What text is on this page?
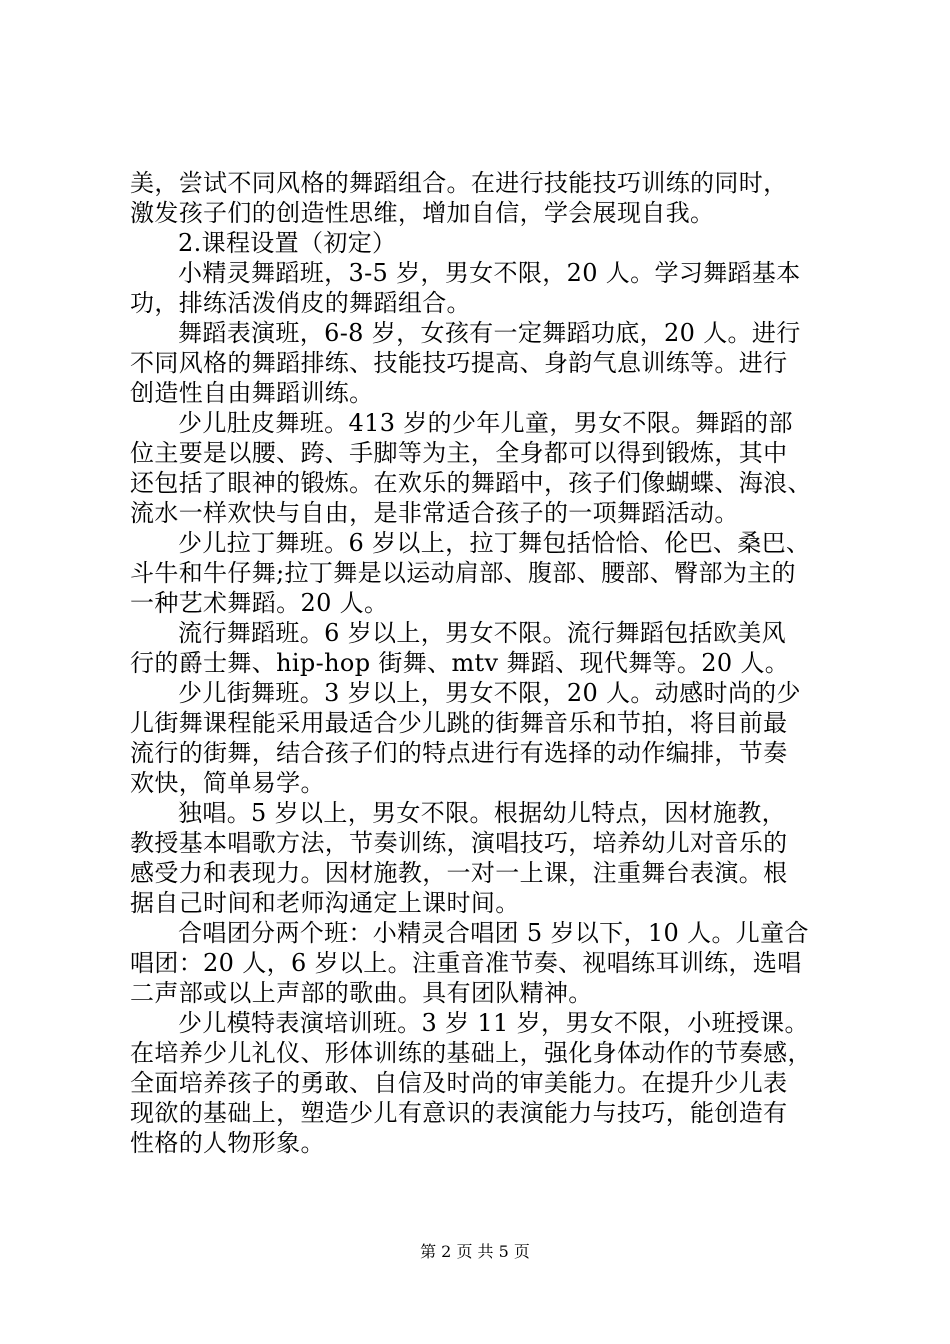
美，尝试不同风格的舞蹈组合。在进行技能技巧训练的同时，
激发孩子们的创造性思维，增加自信，学会展现自我。
2.课程设置（初定）
小精灵舞蹈班，3-5 岁，男女不限，20 人。学习舞蹈基本
功，排练活泼俏皮的舞蹈组合。
舞蹈表演班，6-8 岁，女孩有一定舞蹈功底，20 人。进行
不同风格的舞蹈排练、技能技巧提高、身韵气息训练等。进行
创造性自由舞蹈训练。
少儿肚皮舞班。413 岁的少年儿童，男女不限。舞蹈的部
位主要是以腰、跨、手脚等为主，全身都可以得到锻炼，其中
还包括了眼神的锻炼。在欢乐的舞蹈中，孩子们像蝴蝶、海浪、
流水一样欢快与自由，是非常适合孩子的一项舞蹈活动。
少儿拉丁舞班。6 岁以上，拉丁舞包括恰恰、伦巴、桑巴、
斗牛和牛仔舞;拉丁舞是以运动肩部、腹部、腰部、臀部为主的
一种艺术舞蹈。20 人。
流行舞蹈班。6 岁以上，男女不限。流行舞蹈包括欧美风
行的爵士舞、hip-hop 街舞、mtv 舞蹈、现代舞等。20 人。
少儿街舞班。3 岁以上，男女不限，20 人。动感时尚的少
儿街舞课程能采用最适合少儿跳的街舞音乐和节拍，将目前最
流行的街舞，结合孩子们的特点进行有选择的动作编排，节奏
欢快，简单易学。
独唱。5 岁以上，男女不限。根据幼儿特点，因材施教，
教授基本唱歌方法，节奏训练，演唱技巧，培养幼儿对音乐的
感受力和表现力。因材施教，一对一上课，注重舞台表演。根
据自己时间和老师沟通定上课时间。
合唱团分两个班：小精灵合唱团 5 岁以下，10 人。儿童合
唱团：20 人，6 岁以上。注重音准节奏、视唱练耳训练，选唱
二声部或以上声部的歌曲。具有团队精神。
少儿模特表演培训班。3 岁 11 岁，男女不限，小班授课。
在培养少儿礼仪、形体训练的基础上，强化身体动作的节奏感，
全面培养孩子的勇敢、自信及时尚的审美能力。在提升少儿表
现欲的基础上，塑造少儿有意识的表演能力与技巧，能创造有
性格的人物形象。
第 2 页 共 5 页
